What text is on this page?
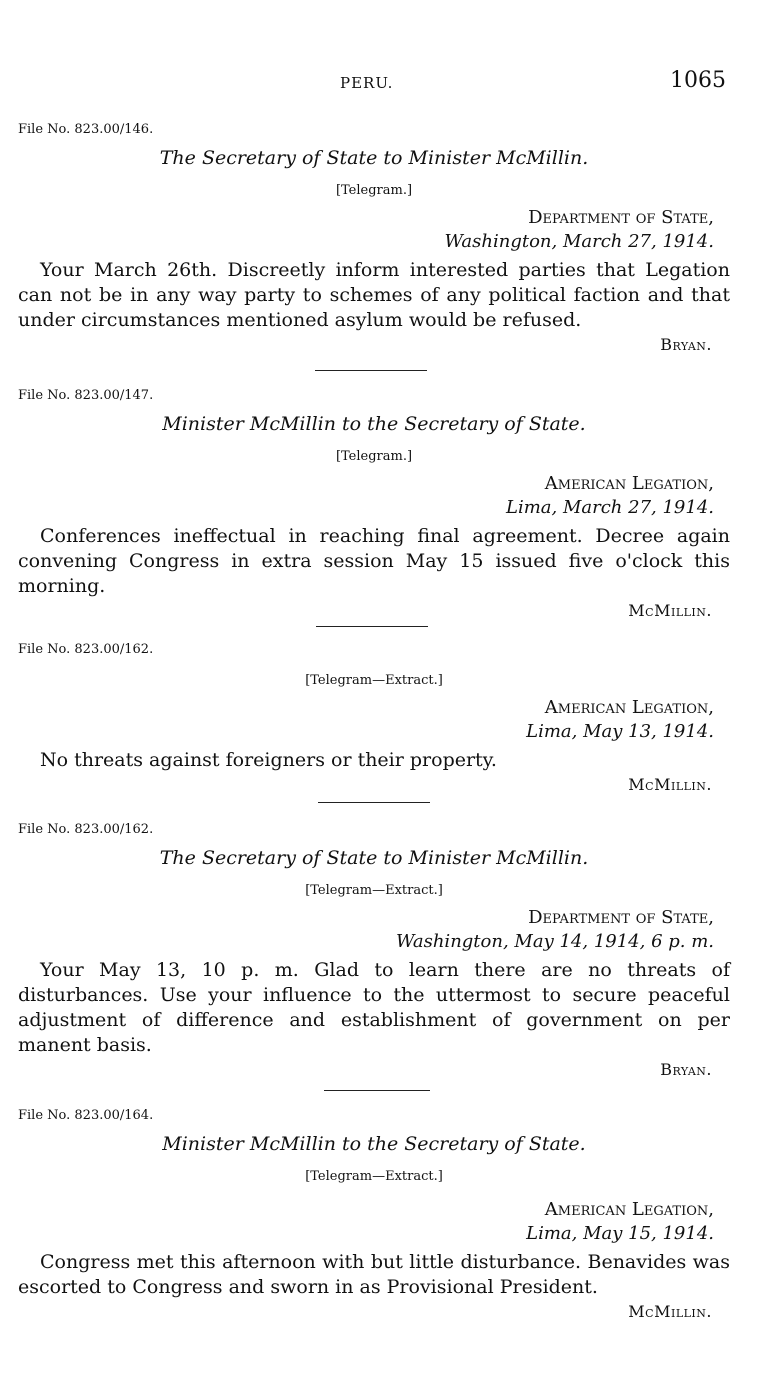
PERU.	1065
File No. 823.00/146.
The Secretary of State to Minister McMillin.
[Telegram.]
Department of State,
Washington, March 27, 1914.

Your March 26th. Discreetly inform interested parties that Legation can not be in any way party to schemes of any political faction and that under circumstances mentioned asylum would be refused.

Bryan.
File No. 823.00/147.
Minister McMillin to the Secretary of State.
[Telegram.]
American Legation,
Lima, March 27, 1914.

Conferences ineffectual in reaching final agreement. Decree again convening Congress in extra session May 15 issued five o'clock this morning.

McMillin.
File No. 823.00/162.
[Telegram—Extract.]
American Legation,
Lima, May 13, 1914.

No threats against foreigners or their property.

McMillin.
File No. 823.00/162.
The Secretary of State to Minister McMillin.
[Telegram—Extract.]
Department of State,
Washington, May 14, 1914, 6 p. m.

Your May 13, 10 p. m. Glad to learn there are no threats of disturbances. Use your influence to the uttermost to secure peaceful adjustment of difference and establishment of government on per manent basis.

Bryan.
File No. 823.00/164.
Minister McMillin to the Secretary of State.
[Telegram—Extract.]
American Legation,
Lima, May 15, 1914.

Congress met this afternoon with but little disturbance. Benavides was escorted to Congress and sworn in as Provisional President.

McMillin.
